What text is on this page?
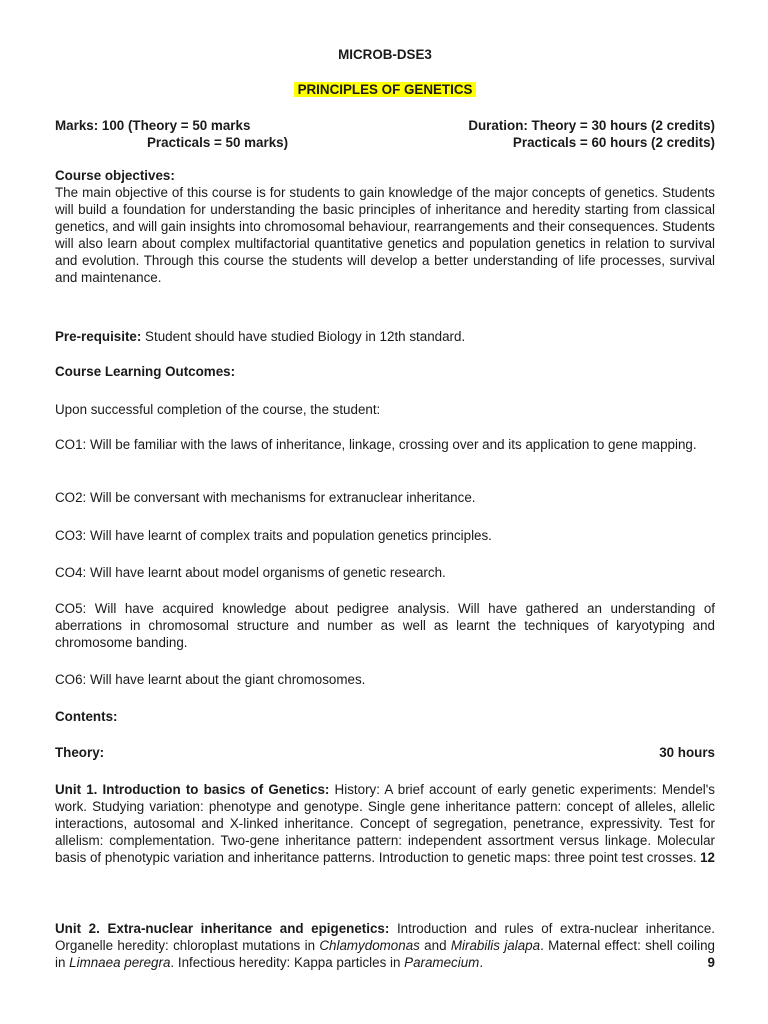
MICROB-DSE3
PRINCIPLES OF GENETICS
Marks: 100 (Theory = 50 marks
Practicals = 50 marks)
Duration: Theory = 30 hours (2 credits)
Practicals = 60 hours (2 credits)

Course objectives:

The main objective of this course is for students to gain knowledge of the major concepts of genetics. Students will build a foundation for understanding the basic principles of inheritance and heredity starting from classical genetics, and will gain insights into chromosomal behaviour, rearrangements and their consequences. Students will also learn about complex multifactorial quantitative genetics and population genetics in relation to survival and evolution. Through this course the students will develop a better understanding of life processes, survival and maintenance.

Pre-requisite: Student should have studied Biology in 12th standard.
Course Learning Outcomes:
Upon successful completion of the course, the student:
CO1: Will be familiar with the laws of inheritance, linkage, crossing over and its application to gene mapping.
CO2: Will be conversant with mechanisms for extranuclear inheritance.
CO3: Will have learnt of complex traits and population genetics principles.
CO4: Will have learnt about model organisms of genetic research.
CO5: Will have acquired knowledge about pedigree analysis. Will have gathered an understanding of aberrations in chromosomal structure and number as well as learnt the techniques of karyotyping and chromosome banding.
CO6: Will have learnt about the giant chromosomes.
Contents:
Theory:	30 hours
Unit 1. Introduction to basics of Genetics: History: A brief account of early genetic experiments: Mendel's work. Studying variation: phenotype and genotype. Single gene inheritance pattern: concept of alleles, allelic interactions, autosomal and X-linked inheritance. Concept of segregation, penetrance, expressivity. Test for allelism: complementation. Two-gene inheritance pattern: independent assortment versus linkage. Molecular basis of phenotypic variation and inheritance patterns. Introduction to genetic maps: three point test crosses. 12
Unit 2. Extra-nuclear inheritance and epigenetics: Introduction and rules of extra-nuclear inheritance. Organelle heredity: chloroplast mutations in Chlamydomonas and Mirabilis jalapa. Maternal effect: shell coiling in Limnaea peregra. Infectious heredity: Kappa particles in Paramecium.	9
